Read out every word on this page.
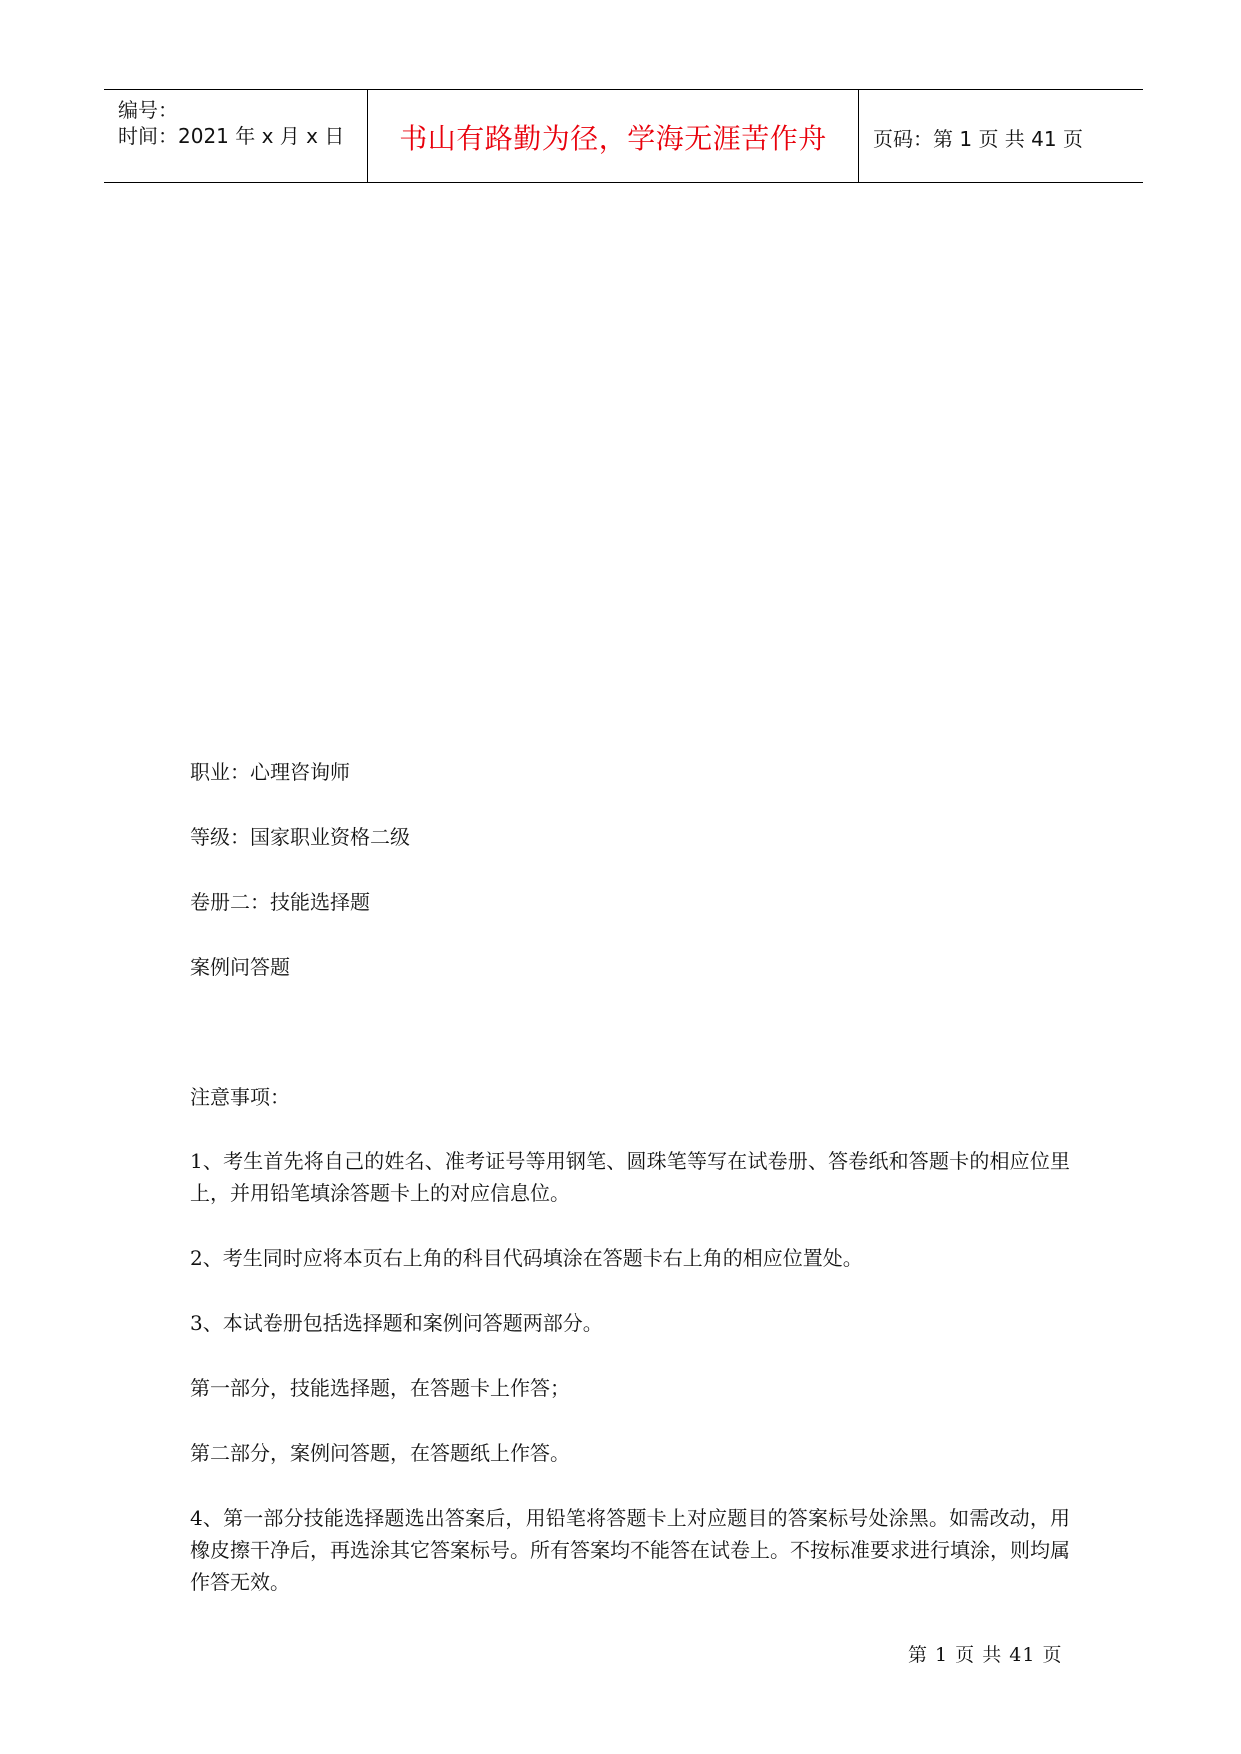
编号：
时间：2021 年 x 月 x 日	书山有路勤为径，学海无涯苦作舟	页码：第 1 页 共 41 页
职业：心理咨询师
等级：国家职业资格二级
卷册二：技能选择题
案例问答题
注意事项：
1、考生首先将自己的姓名、准考证号等用钢笔、圆珠笔等写在试卷册、答卷纸和答题卡的相应位里上，并用铅笔填涂答题卡上的对应信息位。
2、考生同时应将本页右上角的科目代码填涂在答题卡右上角的相应位置处。
3、本试卷册包括选择题和案例问答题两部分。
第一部分，技能选择题，在答题卡上作答；
第二部分，案例问答题，在答题纸上作答。
4、第一部分技能选择题选出答案后，用铅笔将答题卡上对应题目的答案标号处涂黑。如需改动，用橡皮擦干净后，再选涂其它答案标号。所有答案均不能答在试卷上。不按标准要求进行填涂，则均属作答无效。
第 1 页 共 41 页
